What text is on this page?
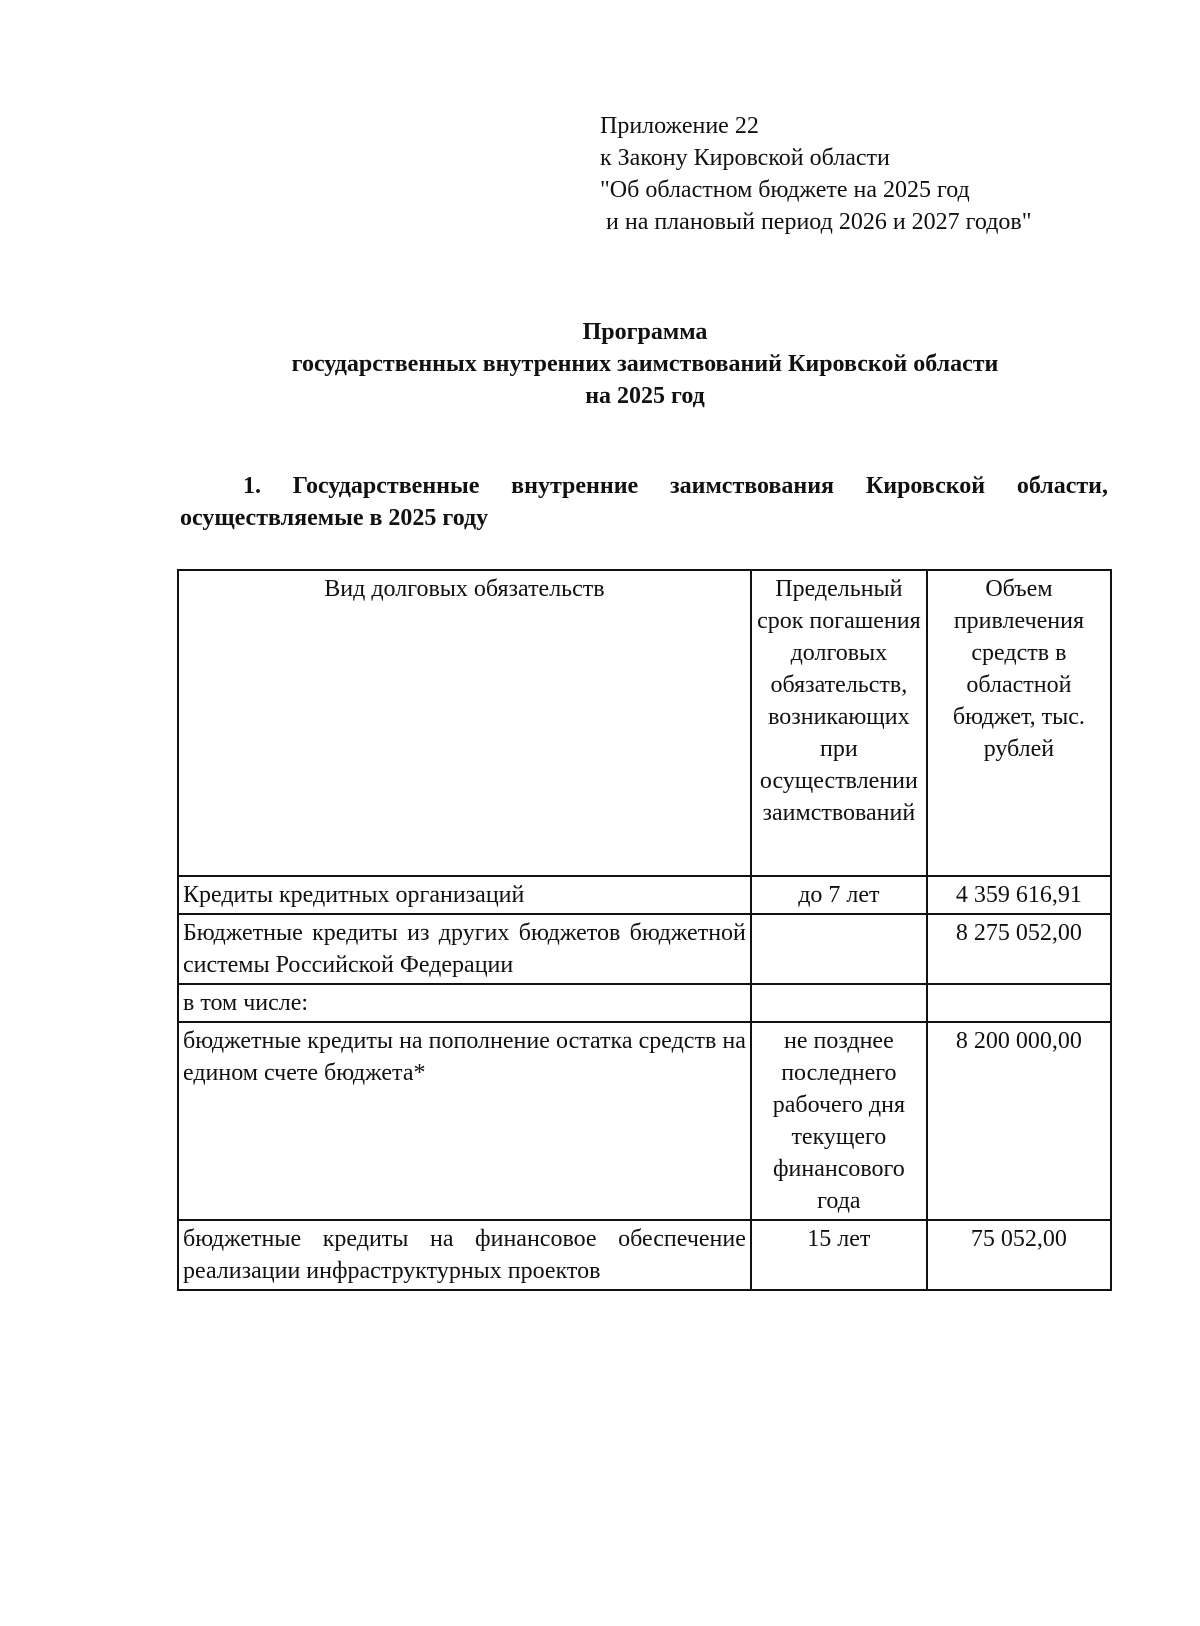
Приложение 22
к Закону Кировской области
"Об областном бюджете на 2025 год
и на плановый период 2026 и 2027 годов"
Программа
государственных внутренних заимствований Кировской области
на 2025 год
1. Государственные внутренние заимствования Кировской области, осуществляемые в 2025 году
Вид долговых обязательств	Предельный срок погашения долговых обязательств, возникающих при осуществлении заимствований	Объем привлечения средств в областной бюджет, тыс. рублей
Кредиты кредитных организаций	до 7 лет	4 359 616,91
Бюджетные кредиты из других бюджетов бюджетной системы Российской Федерации		8 275 052,00
в том числе:		
бюджетные кредиты на пополнение остатка средств на едином счете бюджета*	не позднее последнего рабочего дня текущего финансового года	8 200 000,00
бюджетные кредиты на финансовое обеспечение реализации инфраструктурных проектов	15 лет	75 052,00
